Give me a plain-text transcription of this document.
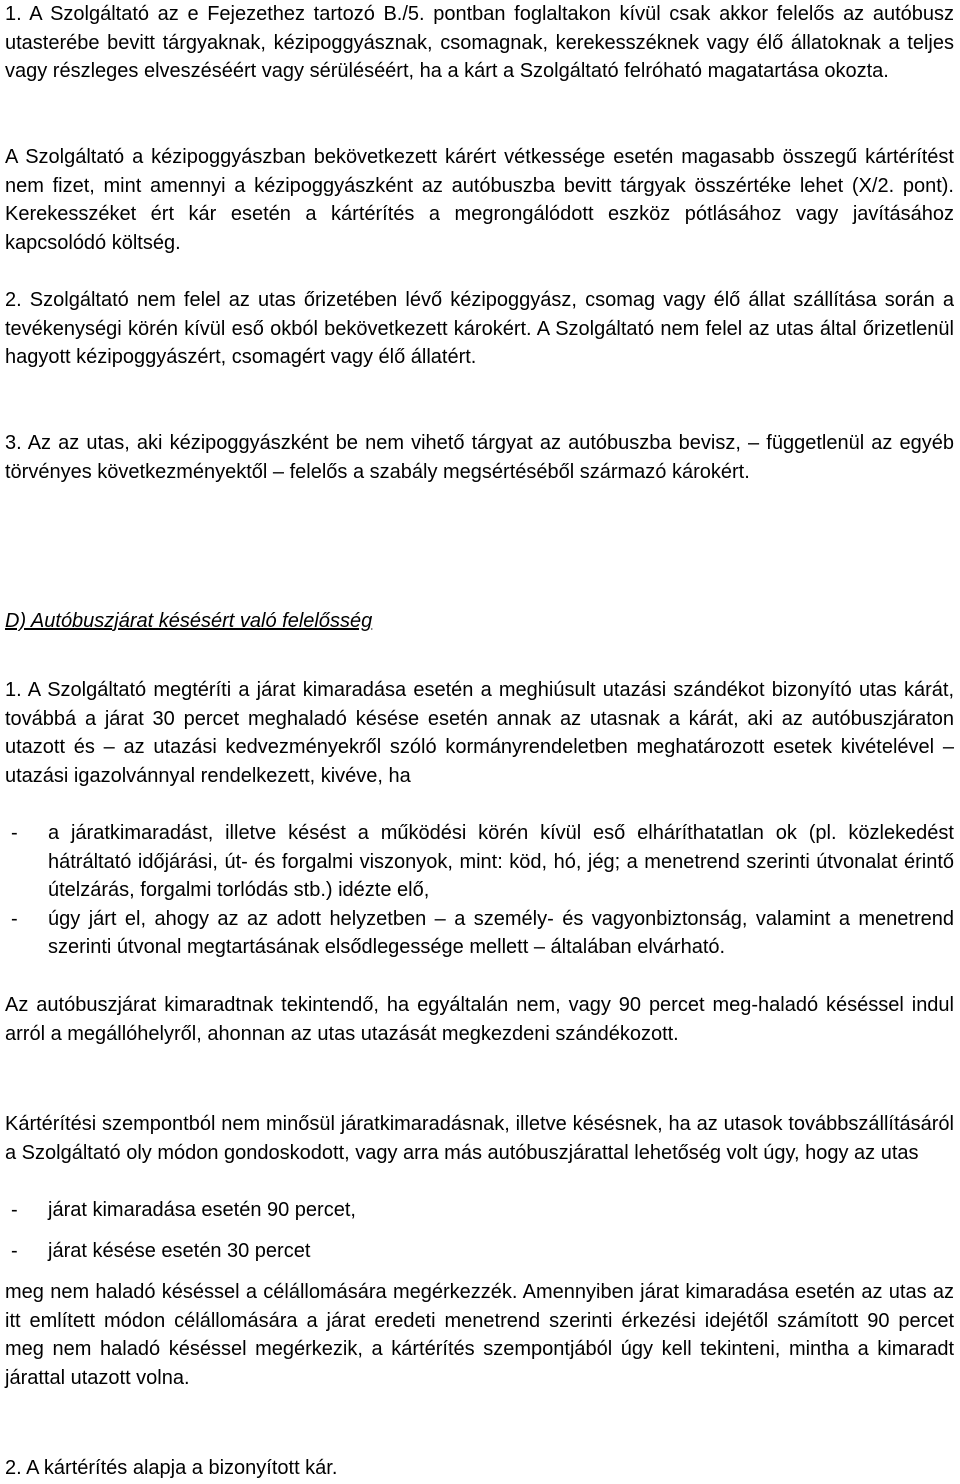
1. A Szolgáltató az e Fejezethez tartozó B./5. pontban foglaltakon kívül csak akkor felelős az autóbusz utasterébe bevitt tárgyaknak, kézipoggyásznak, csomagnak, kerekesszéknek vagy élő állatoknak a teljes vagy részleges elveszéséért vagy sérüléséért, ha a kárt a Szolgáltató felróható magatartása okozta.

A Szolgáltató a kézipoggyászban bekövetkezett kárért vétkessége esetén magasabb összegű kártérítést nem fizet, mint amennyi a kézipoggyászként az autóbuszba bevitt tárgyak összértéke lehet (X/2. pont). Kerekesszéket ért kár esetén a kártérítés a megrongálódott eszköz pótlásához vagy javításához kapcsolódó költség.

2. Szolgáltató nem felel az utas őrizetében lévő kézipoggyász, csomag vagy élő állat szállítása során a tevékenységi körén kívül eső okból bekövetkezett károkért. A Szolgáltató nem felel az utas által őrizetlenül hagyott kézipoggyászért, csomagért vagy élő állatért.

3. Az az utas, aki kézipoggyászként be nem vihető tárgyat az autóbuszba bevisz, – függetlenül az egyéb törvényes következményektől – felelős a szabály megsértéséből származó károkért.

D) Autóbuszjárat késésért való felelősség

1. A Szolgáltató megtéríti a járat kimaradása esetén a meghiúsult utazási szándékot bizonyító utas kárát, továbbá a járat 30 percet meghaladó késése esetén annak az utasnak a kárát, aki az autóbuszjáraton utazott és – az utazási kedvezményekről szóló kormányrendeletben meghatározott esetek kivételével – utazási igazolvánnyal rendelkezett, kivéve, ha

- a járatkimaradást, illetve késést a működési körén kívül eső elháríthatatlan ok (pl. közlekedést hátráltató időjárási, út- és forgalmi viszonyok, mint: köd, hó, jég; a menetrend szerinti útvonalat érintő útelzárás, forgalmi torlódás stb.) idézte elő,
- úgy járt el, ahogy az az adott helyzetben – a személy- és vagyonbiztonság, valamint a menetrend szerinti útvonal megtartásának elsődlegessége mellett – általában elvárható.

Az autóbuszjárat kimaradtnak tekintendő, ha egyáltalán nem, vagy 90 percet meg-haladó késéssel indul arról a megállóhelyről, ahonnan az utas utazását megkezdeni szándékozott.

Kártérítési szempontból nem minősül járatkimaradásnak, illetve késésnek, ha az utasok továbbszállításáról a Szolgáltató oly módon gondoskodott, vagy arra más autóbuszjárattal lehetőség volt úgy, hogy az utas

- járat kimaradása esetén 90 percet,
- járat késése esetén 30 percet

meg nem haladó késéssel a célállomására megérkezzék. Amennyiben járat kimaradása esetén az utas az itt említett módon célállomására a járat eredeti menetrend szerinti érkezési idejétől számított 90 percet meg nem haladó késéssel megérkezik, a kártérítés szempontjából úgy kell tekinteni, mintha a kimaradt járattal utazott volna.

2. A kártérítés alapja a bizonyított kár.
